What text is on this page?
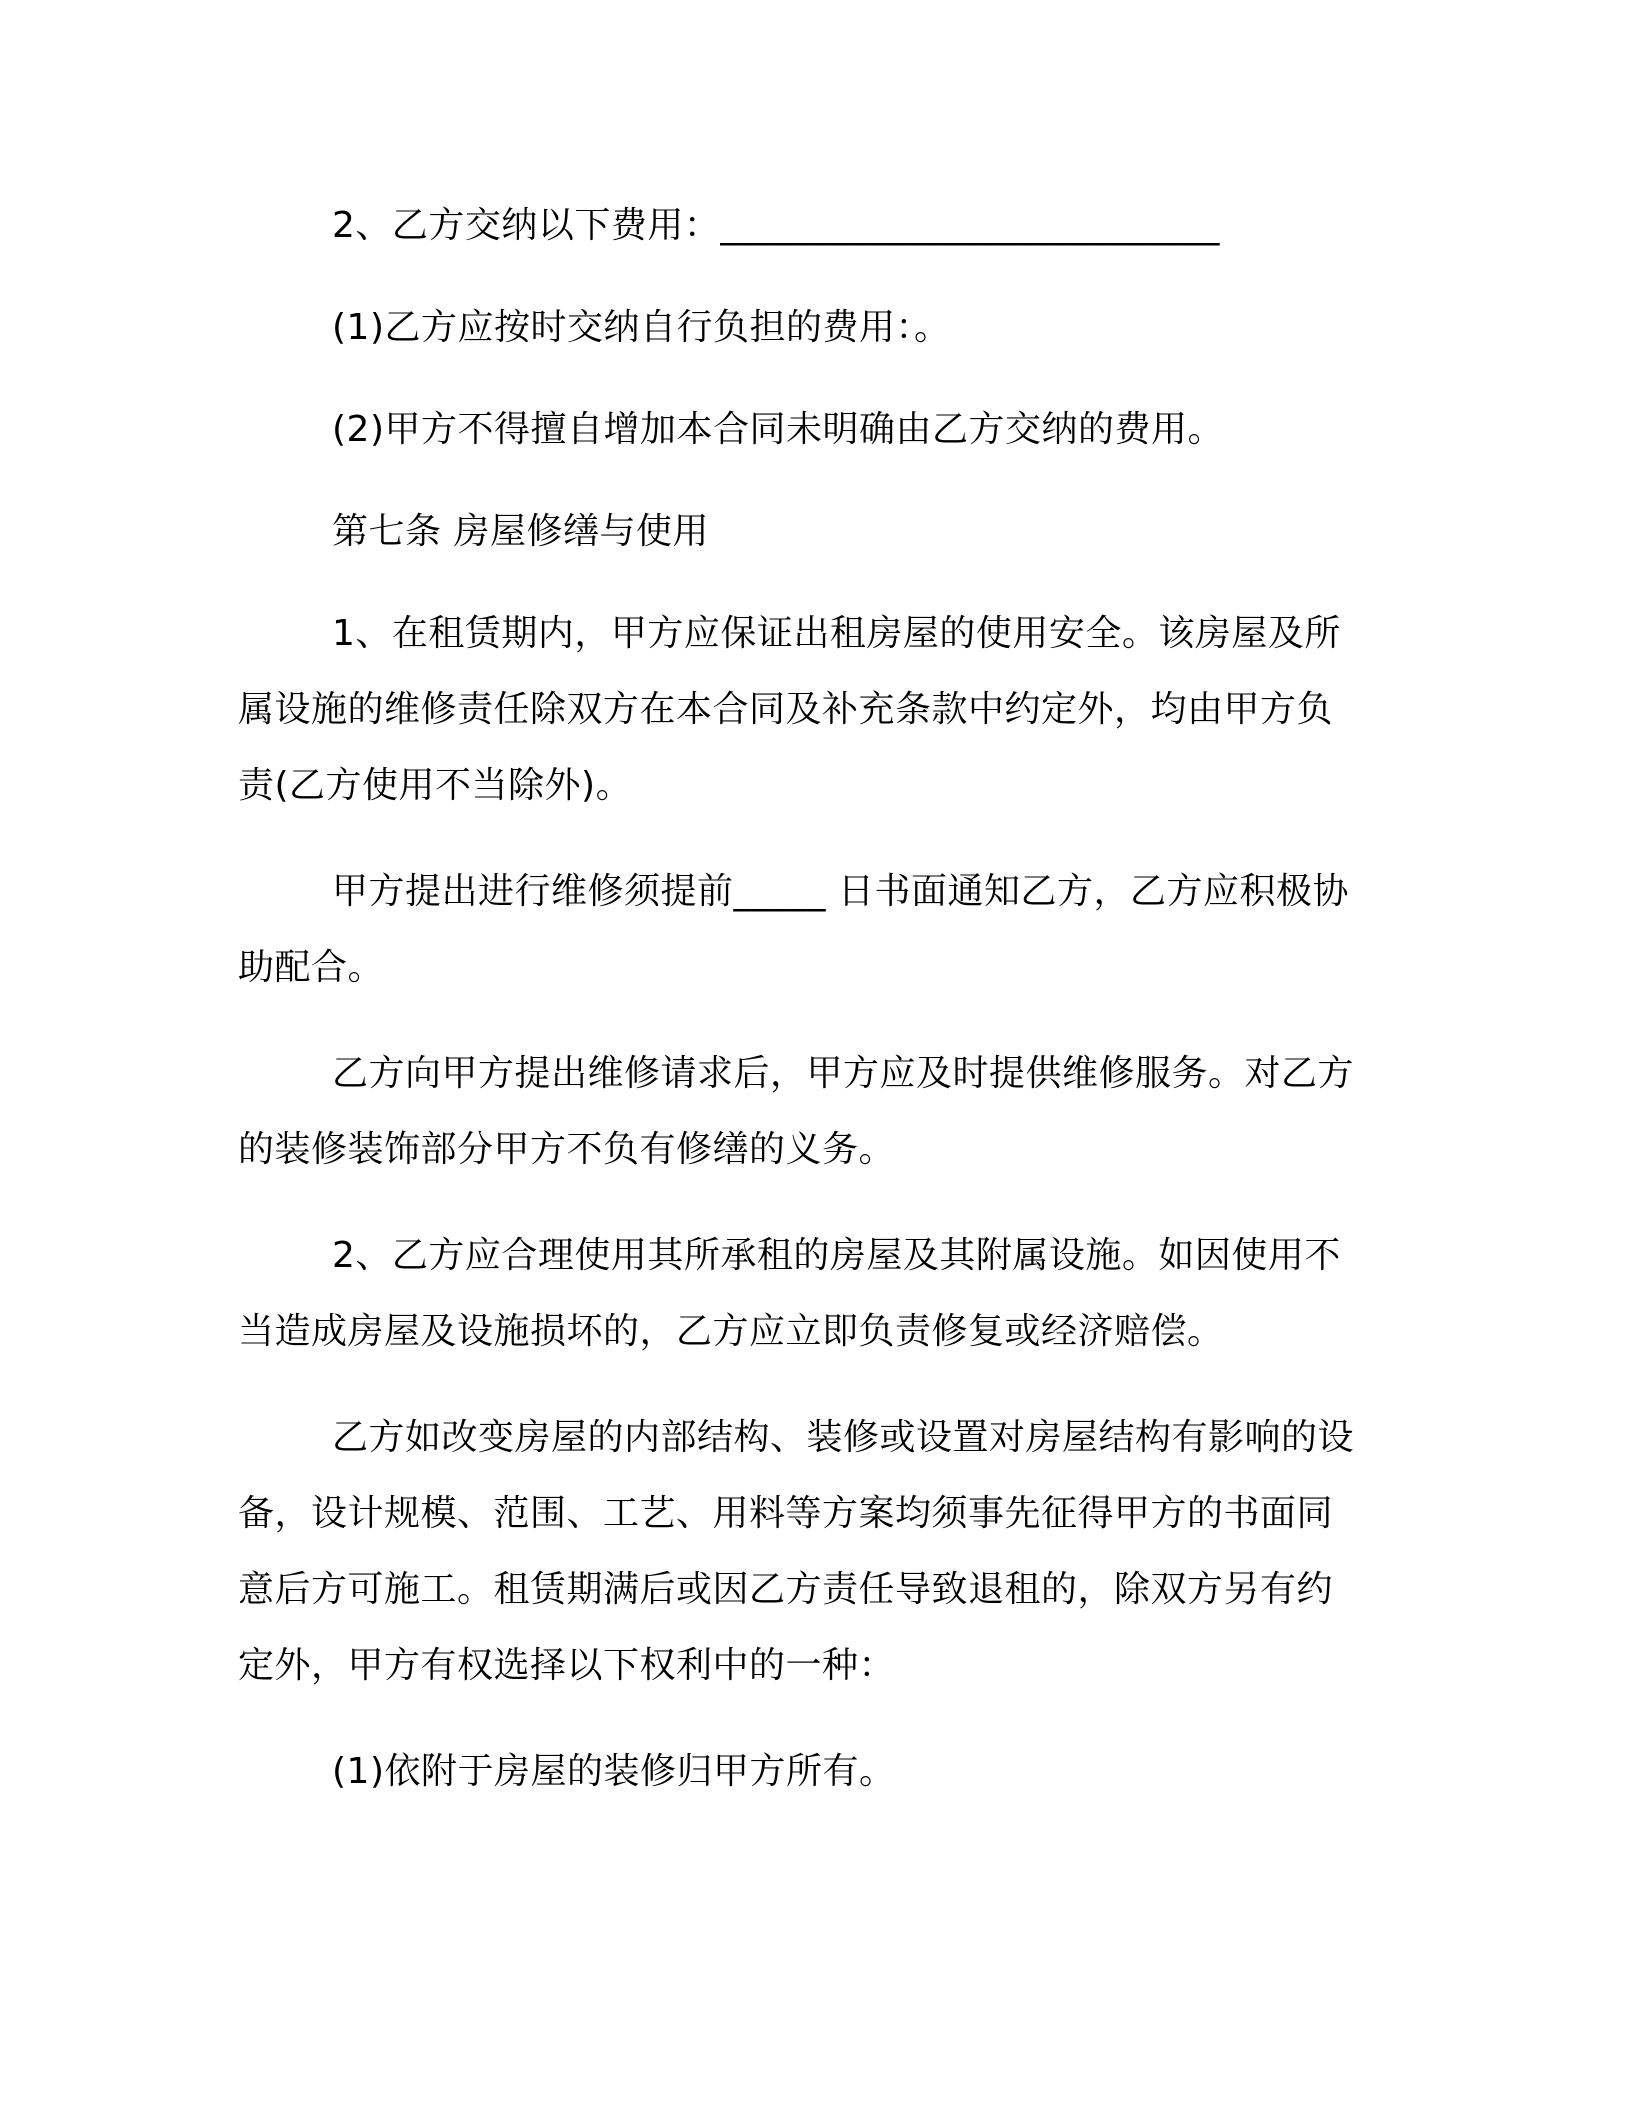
2、乙方交纳以下费用：___________________________

(1)乙方应按时交纳自行负担的费用：。

(2)甲方不得擅自增加本合同未明确由乙方交纳的费用。

第七条 房屋修缮与使用

1、在租赁期内，甲方应保证出租房屋的使用安全。该房屋及所属设施的维修责任除双方在本合同及补充条款中约定外，均由甲方负责(乙方使用不当除外)。

甲方提出进行维修须提前_____ 日书面通知乙方，乙方应积极协助配合。

乙方向甲方提出维修请求后，甲方应及时提供维修服务。对乙方的装修装饰部分甲方不负有修缮的义务。

2、乙方应合理使用其所承租的房屋及其附属设施。如因使用不当造成房屋及设施损坏的，乙方应立即负责修复或经济赔偿。

乙方如改变房屋的内部结构、装修或设置对房屋结构有影响的设备，设计规模、范围、工艺、用料等方案均须事先征得甲方的书面同意后方可施工。租赁期满后或因乙方责任导致退租的，除双方另有约定外，甲方有权选择以下权利中的一种：

(1)依附于房屋的装修归甲方所有。
